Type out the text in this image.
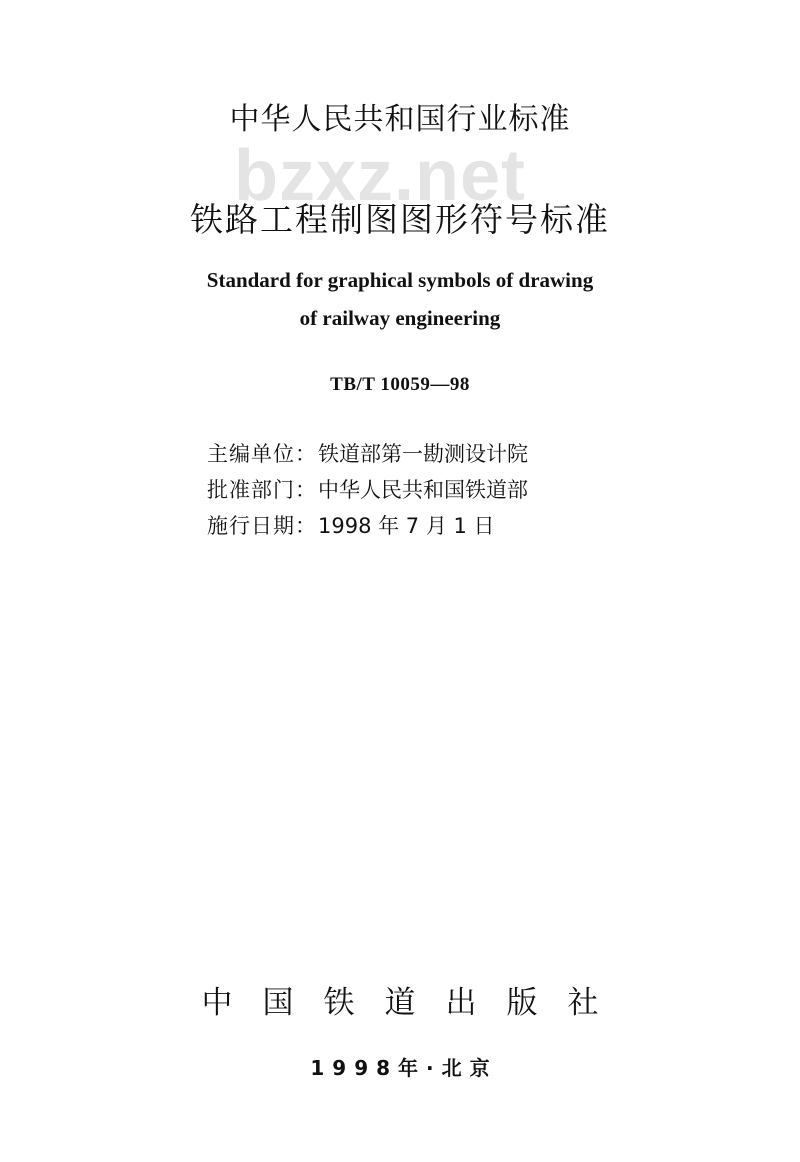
bzxz.net
中华人民共和国行业标准
铁路工程制图图形符号标准
Standard for graphical symbols of drawing
of railway engineering
TB/T 10059—98
主编单位 ： 铁道部第一勘测设计院
批准部门 ： 中华人民共和国铁道部
施行日期 ： 1998 年 7 月 1 日
中国铁道出版社
1998年·北京
